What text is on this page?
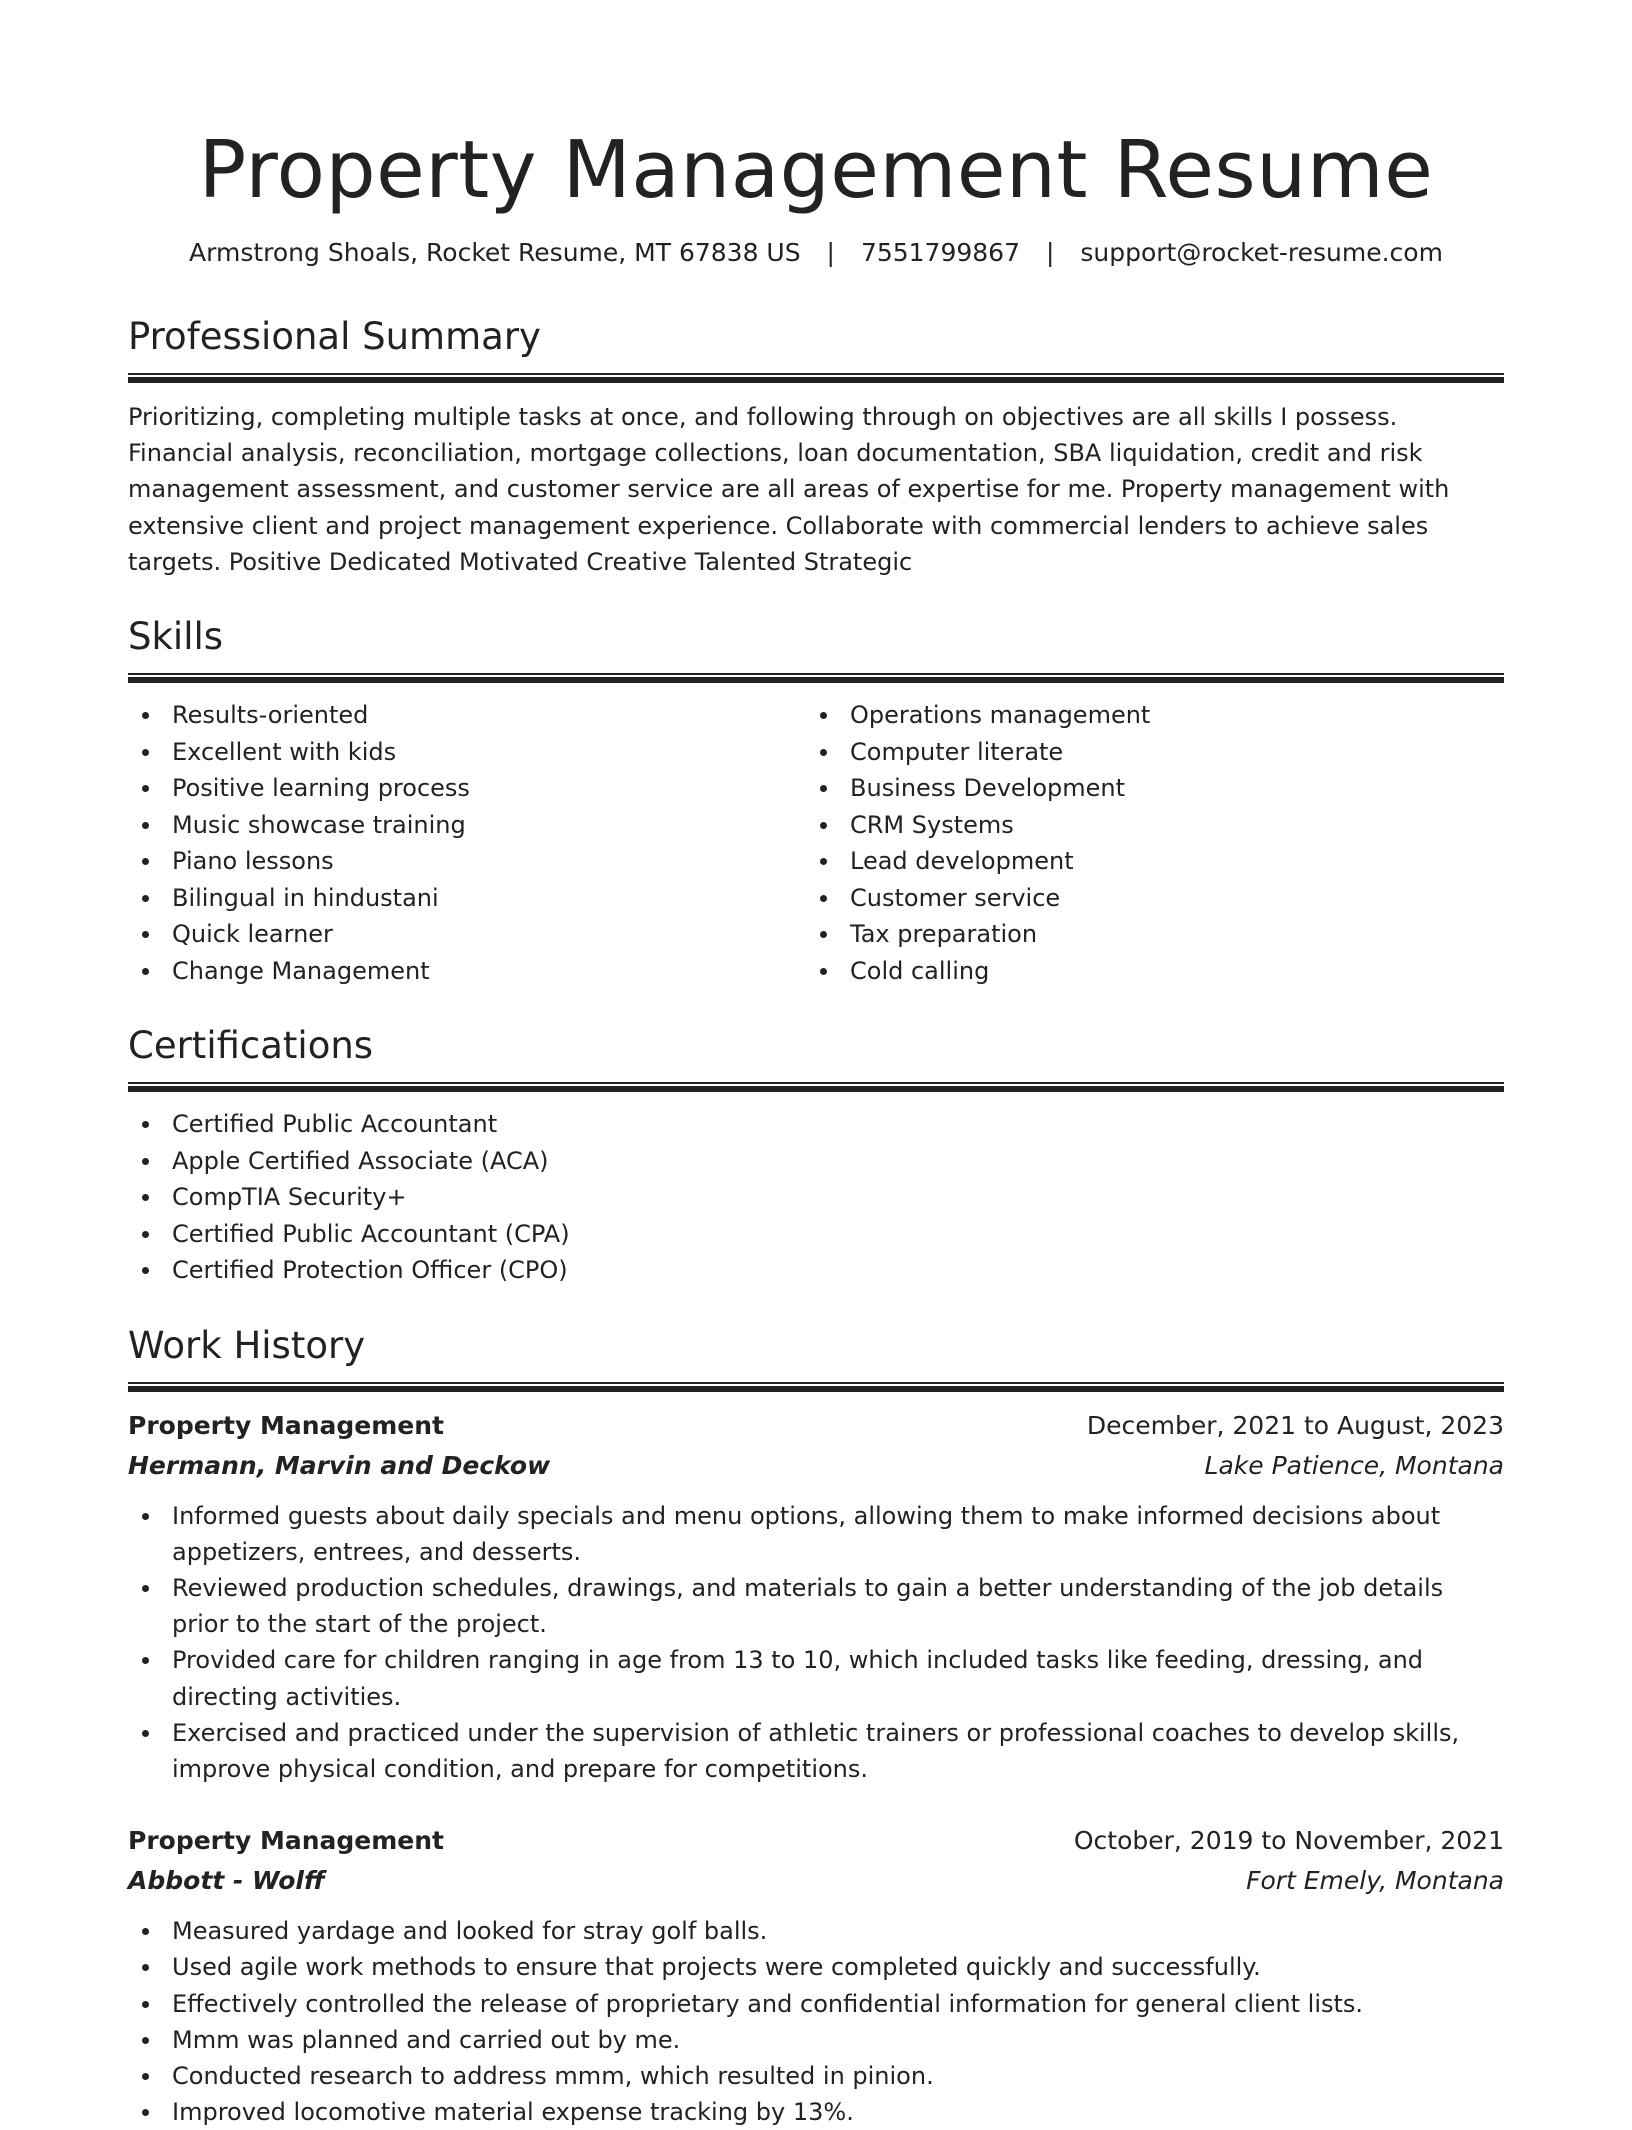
Property Management Resume
Armstrong Shoals, Rocket Resume, MT 67838 US | 7551799867 | support@rocket-resume.com
Professional Summary
Prioritizing, completing multiple tasks at once, and following through on objectives are all skills I possess. Financial analysis, reconciliation, mortgage collections, loan documentation, SBA liquidation, credit and risk management assessment, and customer service are all areas of expertise for me. Property management with extensive client and project management experience. Collaborate with commercial lenders to achieve sales targets. Positive Dedicated Motivated Creative Talented Strategic
Skills
Results-oriented
Excellent with kids
Positive learning process
Music showcase training
Piano lessons
Bilingual in hindustani
Quick learner
Change Management
Operations management
Computer literate
Business Development
CRM Systems
Lead development
Customer service
Tax preparation
Cold calling
Certifications
Certified Public Accountant
Apple Certified Associate (ACA)
CompTIA Security+
Certified Public Accountant (CPA)
Certified Protection Officer (CPO)
Work History
Property Management	December, 2021 to August, 2023
Hermann, Marvin and Deckow	Lake Patience, Montana
Informed guests about daily specials and menu options, allowing them to make informed decisions about appetizers, entrees, and desserts.
Reviewed production schedules, drawings, and materials to gain a better understanding of the job details prior to the start of the project.
Provided care for children ranging in age from 13 to 10, which included tasks like feeding, dressing, and directing activities.
Exercised and practiced under the supervision of athletic trainers or professional coaches to develop skills, improve physical condition, and prepare for competitions.
Property Management	October, 2019 to November, 2021
Abbott - Wolff	Fort Emely, Montana
Measured yardage and looked for stray golf balls.
Used agile work methods to ensure that projects were completed quickly and successfully.
Effectively controlled the release of proprietary and confidential information for general client lists.
Mmm was planned and carried out by me.
Conducted research to address mmm, which resulted in pinion.
Improved locomotive material expense tracking by 13%.
